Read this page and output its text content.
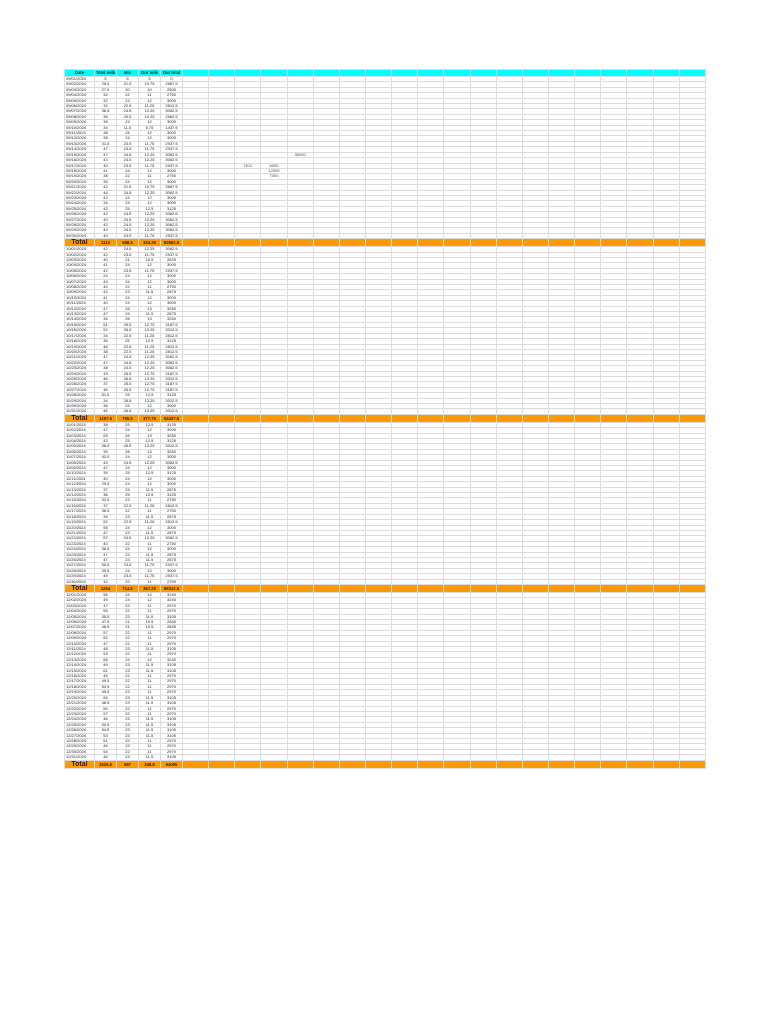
Date	Total milk	Mix	Our milk	Our total																				
09/01/2024	5	5	5	0																				
09/02/2024	26.5	21.5	10.75	2687.5																				
09/03/2024	27.5	20	10	2500																				
09/04/2024	32	22	11	2750																				
09/05/2024	32	24	12	3000																				
09/06/2024	32	22.5	11.25	2812.5																				
09/07/2024	36.5	24.5	12.25	3062.5																				
09/08/2024	36	20.5	10.25	2562.5																				
09/09/2024	39	24	12	3000																				
09/10/2024	34	11.5	5.75	1437.5																				
09/11/2024	38	24	12	3000																				
09/12/2024	38	24	12	3000																				
09/13/2024	41.5	23.5	11.75	2937.5																				
09/14/2024	47	23.5	11.75	2937.5																				
09/15/2024	47	24.5	12.25	3062.5					30000															
09/16/2024	43	24.5	12.25	3062.5																				
09/17/2024	40	23.5	11.75	2937.5			7612	6000																
09/18/2024	41	24	12	3000				12000																
09/19/2024	38	22	11	2750				7000																
09/20/2024	35	24	12	3000																				
09/21/2024	42	21.5	10.75	2687.5																				
09/22/2024	44	24.5	12.25	3062.5																				
09/23/2024	42	24	12	3000																				
09/24/2024	34	24	12	3000																				
09/25/2024	42	25	12.5	3125																				
09/26/2024	42	24.5	12.25	3062.5																				
09/27/2024	40	24.5	12.25	3062.5																				
09/28/2024	42	24.5	12.25	3062.5																				
09/29/2024	40	24.5	12.25	3062.5																				
09/30/2024	40	23.5	11.75	2937.5																				
Total	1113	668.5	334.25	83562.5																				
10/01/2024	42	24.5	12.25	3062.5																				
10/02/2024	42	23.5	11.75	2937.5																				
10/03/2024	40	21	10.5	2625																				
10/04/2024	41	24	12	3000																				
10/05/2024	42	23.5	11.75	2937.5																				
10/06/2024	24	24	12	3000																				
10/07/2024	43	24	12	3000																				
10/08/2024	40	22	11	2750																				
10/09/2024	42	23	11.5	2875																				
10/10/2024	41	24	12	3000																				
10/11/2024	40	24	12	3000																				
10/12/2024	47	26	13	3250																				
10/13/2024	47	23	11.5	2875																				
10/14/2024	34	26	13	3250																				
10/15/2024	51	25.5	12.75	3187.5																				
10/16/2024	52	26.5	13.25	3312.5																				
10/17/2024	34	22.5	11.25	2812.5																				
10/18/2024	36	25	12.5	3125																				
10/19/2024	46	22.5	11.25	2812.5																				
10/20/2024	38	22.5	11.25	2812.5																				
10/21/2024	47	24.5	12.25	3062.5																				
10/22/2024	47	24.5	12.25	3062.5																				
10/23/2024	38	24.5	12.25	3062.5																				
10/24/2024	43	25.5	12.75	3187.5																				
10/25/2024	46	26.5	13.25	3312.5																				
10/26/2024	37	25.5	12.75	3187.5																				
10/27/2024	46	25.5	12.75	3187.5																				
10/28/2024	51.5	25	12.5	3125																				
10/29/2024	34	26.5	13.25	3312.5																				
10/30/2024	36	24	12	3000																				
10/31/2024	46	26.5	13.25	3312.5																				
Total	1267.5	755.5	377.75	94437.5																				
11/01/2024	38	25	12.5	3125																				
11/02/2024	47	24	12	3000																				
11/03/2024	53	26	13	3250																				
11/04/2024	43	25	12.5	3125																				
11/05/2024	36.5	26.5	13.25	3312.5																				
11/06/2024	35	26	13	3250																				
11/07/2024	42.5	24	12	3000																				
11/08/2024	43	24.5	12.25	3062.5																				
11/09/2024	47	24	12	3000																				
11/10/2024	39	25	12.5	3125																				
11/11/2024	40	24	12	3000																				
11/12/2024	29.5	24	12	3000																				
11/13/2024	37	23	11.5	2875																				
11/14/2024	36	25	12.5	3125																				
11/15/2024	32.5	22	11	2750																				
11/16/2024	37	22.5	11.25	2812.5																				
11/17/2024	36.5	22	11	2750																				
11/18/2024	34	23	11.5	2875																				
11/19/2024	52	22.5	11.25	2812.5																				
11/20/2024	55	24	12	3000																				
11/21/2024	47	23	11.5	2875																				
11/22/2024	57	24.5	12.25	3062.5																				
11/23/2024	40	22	11	2750																				
11/24/2024	36.5	24	12	3000																				
11/25/2024	47	23	11.5	2875																				
11/26/2024	47	23	11.5	2875																				
11/27/2024	50.5	23.5	11.75	2937.5																				
11/28/2024	39.5	24	12	3000																				
11/29/2024	49	23.5	11.75	2937.5																				
11/30/2024	42	22	11	2750																				
Total	1264	714.5	357.25	89312.5																				
12/01/2024	56	24	12	3240																				
12/02/2024	49	24	12	3240																				
12/03/2024	47	22	11	2970																				
12/04/2024	55	22	11	2970																				
12/05/2024	35.5	23	11.5	3105																				
12/06/2024	47.5	21	10.5	2835																				
12/07/2024	46.5	21	10.5	2835																				
12/08/2024	57	22	11	2970																				
12/09/2024	52	22	11	2970																				
12/10/2024	47	22	11	2970																				
12/11/2024	48	23	11.5	3105																				
12/12/2024	53	22	11	2970																				
12/13/2024	56	24	12	3240																				
12/14/2024	49	23	11.5	3105																				
12/15/2024	61	23	11.5	3105																				
12/16/2024	45	22	11	2970																				
12/17/2024	49.5	22	11	2970																				
12/18/2024	54.5	22	11	2970																				
12/19/2024	45.5	22	11	2970																				
12/20/2024	66	23	11.5	3105																				
12/21/2024	46.5	23	11.5	3105																				
12/22/2024	50	22	11	2970																				
12/23/2024	57	22	11	2970																				
12/24/2024	46	23	11.5	3105																				
12/25/2024	50.5	23	11.5	3105																				
12/26/2024	54.5	23	11.5	3105																				
12/27/2024	53	23	11.5	3105																				
12/28/2024	51	22	11	2970																				
12/29/2024	46	22	11	2970																				
12/30/2024	54	22	11	2970																				
12/31/2024	46	23	11.5	3105																				
Total	1525.5	697	348.5	94095																				
